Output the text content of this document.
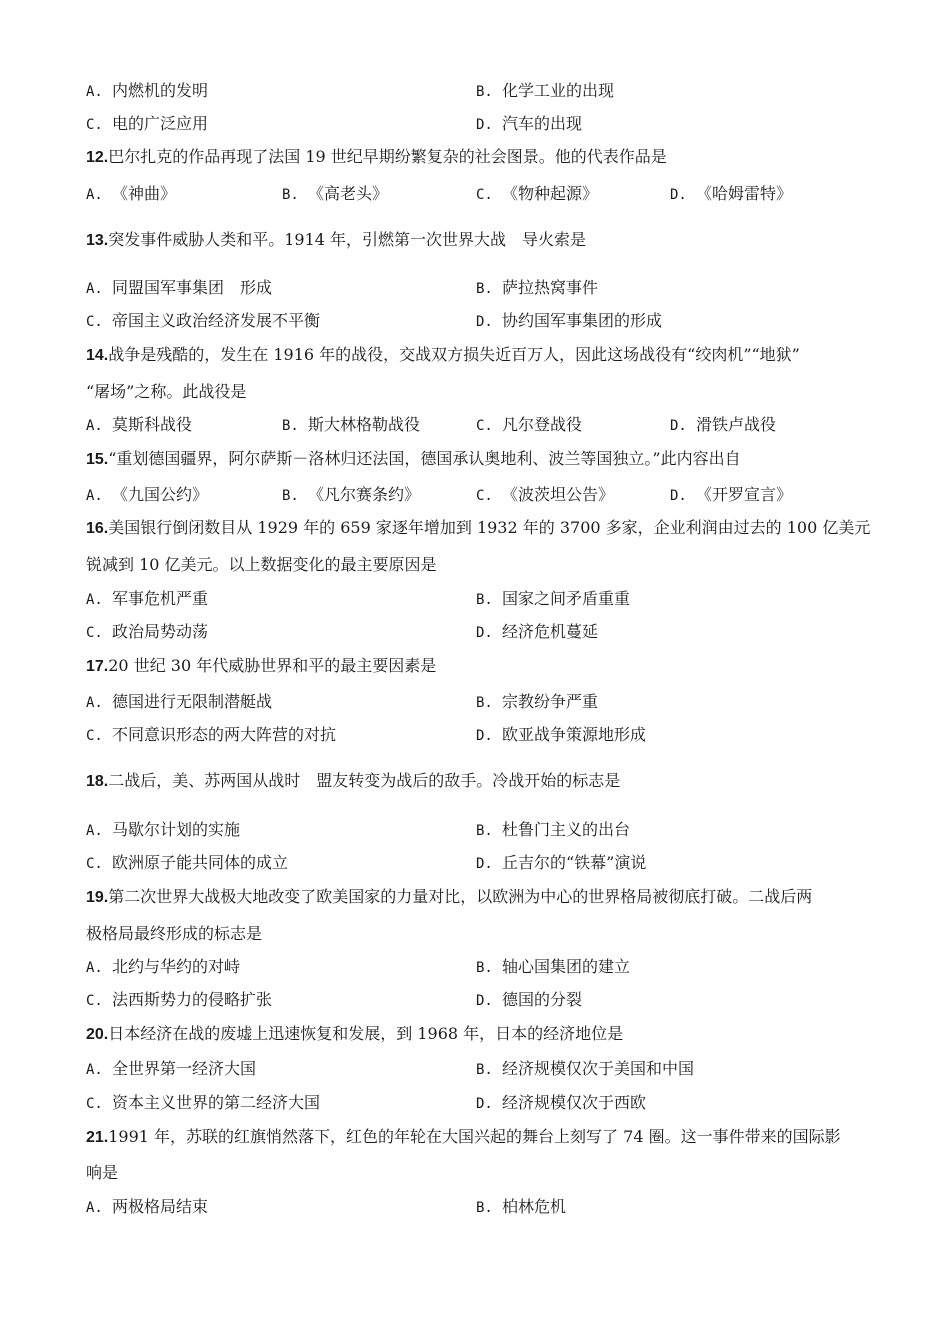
A. 内燃机的发明	B. 化学工业的出现
C. 电的广泛应用	D. 汽车的出现
12.巴尔扎克的作品再现了法国 19 世纪早期纷繁复杂的社会图景。他的代表作品是
A. 《神曲》	B. 《高老头》	C. 《物种起源》	D. 《哈姆雷特》
13.突发事件威胁人类和平。1914 年，引燃第一次世界大战　导火索是
A. 同盟国军事集团　形成	B. 萨拉热窝事件
C. 帝国主义政治经济发展不平衡	D. 协约国军事集团的形成
14.战争是残酷的，发生在 1916 年的战役，交战双方损失近百万人，因此这场战役有“绞肉机”“地狱”
“屠场”之称。此战役是
A. 莫斯科战役	B. 斯大林格勒战役	C. 凡尔登战役	D. 滑铁卢战役
15.“重划德国疆界，阿尔萨斯－洛林归还法国，德国承认奥地利、波兰等国独立。”此内容出自
A. 《九国公约》	B. 《凡尔赛条约》	C. 《波茨坦公告》	D. 《开罗宣言》
16.美国银行倒闭数目从 1929 年的 659 家逐年增加到 1932 年的 3700 多家，企业利润由过去的 100 亿美元
锐减到 10 亿美元。以上数据变化的最主要原因是
A. 军事危机严重	B. 国家之间矛盾重重
C. 政治局势动荡	D. 经济危机蔓延
17.20 世纪 30 年代威胁世界和平的最主要因素是
A. 德国进行无限制潜艇战	B. 宗教纷争严重
C. 不同意识形态的两大阵营的对抗	D. 欧亚战争策源地形成
18.二战后，美、苏两国从战时　盟友转变为战后的敌手。冷战开始的标志是
A. 马歇尔计划的实施	B. 杜鲁门主义的出台
C. 欧洲原子能共同体的成立	D. 丘吉尔的“铁幕”演说
19.第二次世界大战极大地改变了欧美国家的力量对比，以欧洲为中心的世界格局被彻底打破。二战后两
极格局最终形成的标志是
A. 北约与华约的对峙	B. 轴心国集团的建立
C. 法西斯势力的侵略扩张	D. 德国的分裂
20.日本经济在战的废墟上迅速恢复和发展，到 1968 年，日本的经济地位是
A. 全世界第一经济大国	B. 经济规模仅次于美国和中国
C. 资本主义世界的第二经济大国	D. 经济规模仅次于西欧
21.1991 年，苏联的红旗悄然落下，红色的年轮在大国兴起的舞台上刻写了 74 圈。这一事件带来的国际影
响是
A. 两极格局结束	B. 柏林危机
